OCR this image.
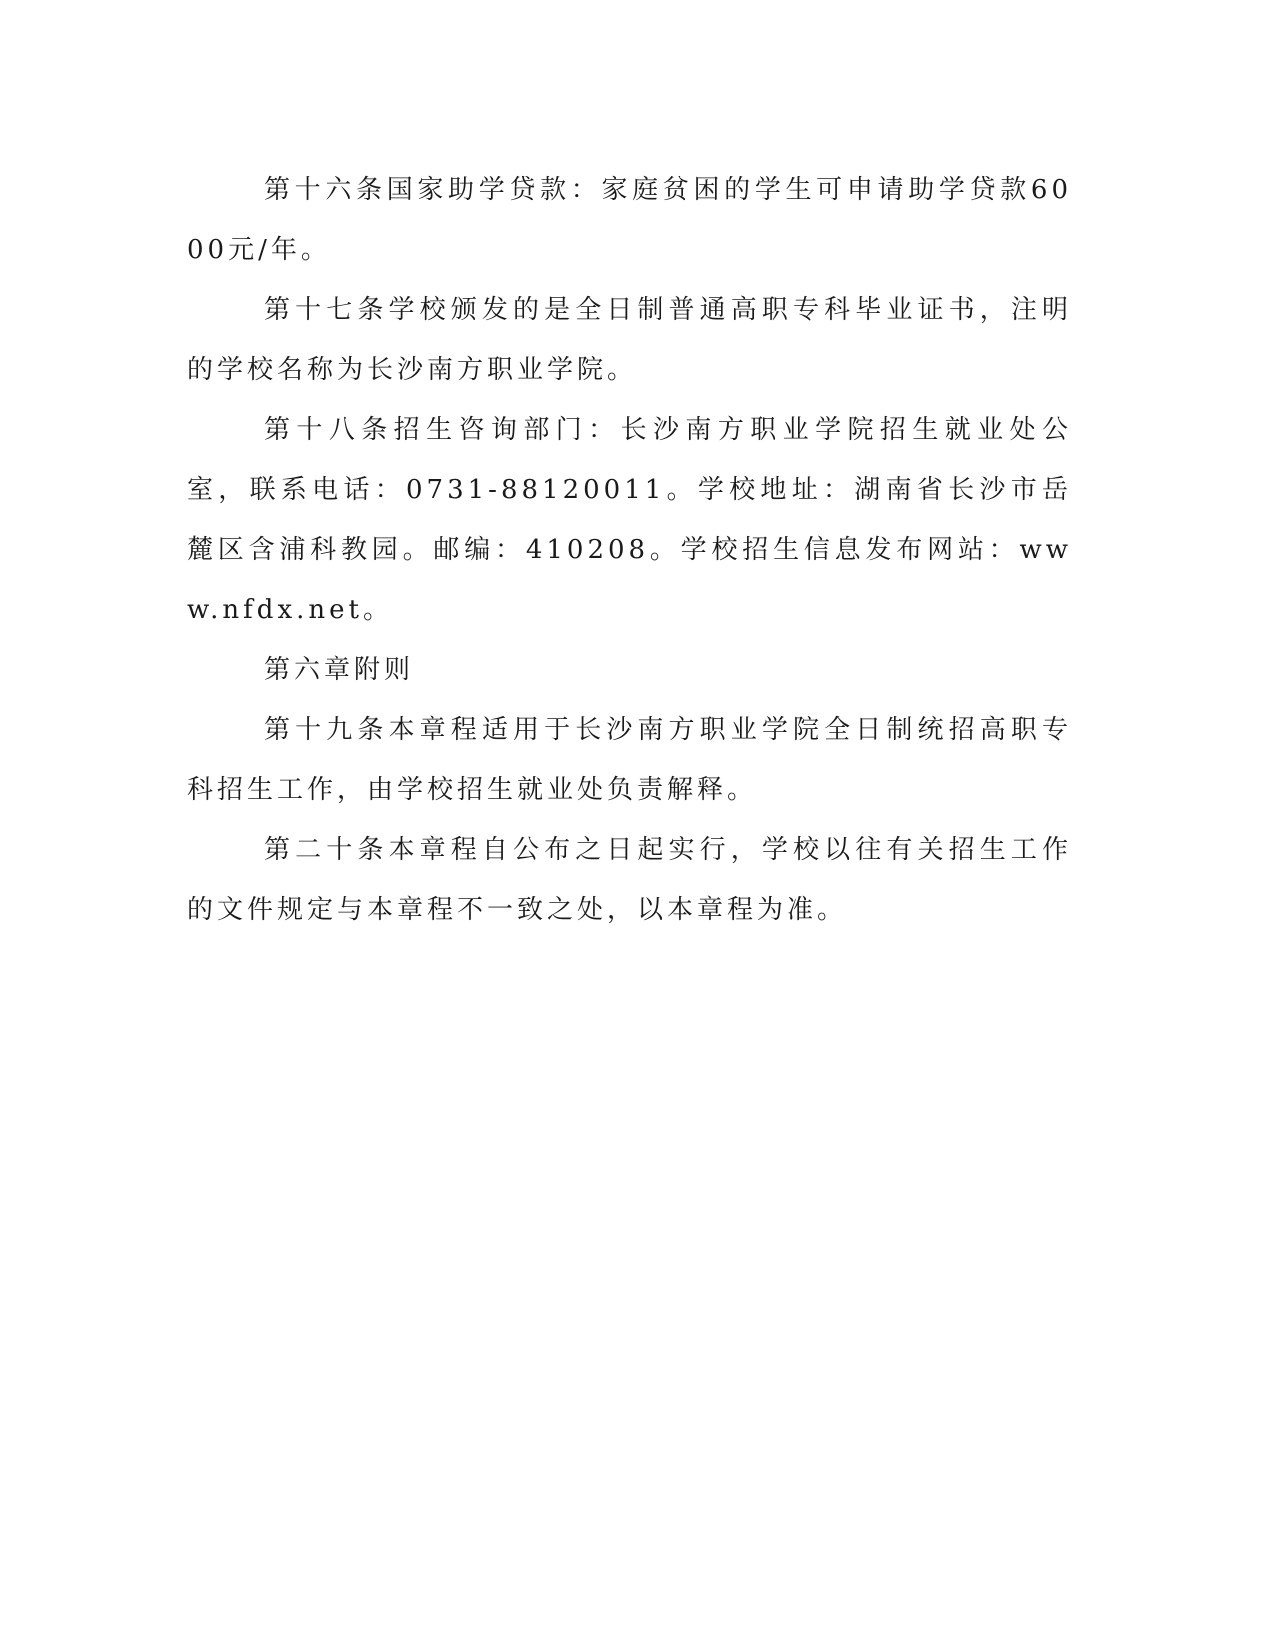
第十六条国家助学贷款：家庭贫困的学生可申请助学贷款6000元/年。

第十七条学校颁发的是全日制普通高职专科毕业证书，注明的学校名称为长沙南方职业学院。

第十八条招生咨询部门：长沙南方职业学院招生就业处公室，联系电话：0731-88120011。学校地址：湖南省长沙市岳麓区含浦科教园。邮编：410208。学校招生信息发布网站：www.nfdx.net。

第六章附则

第十九条本章程适用于长沙南方职业学院全日制统招高职专科招生工作，由学校招生就业处负责解释。

第二十条本章程自公布之日起实行，学校以往有关招生工作的文件规定与本章程不一致之处，以本章程为准。
